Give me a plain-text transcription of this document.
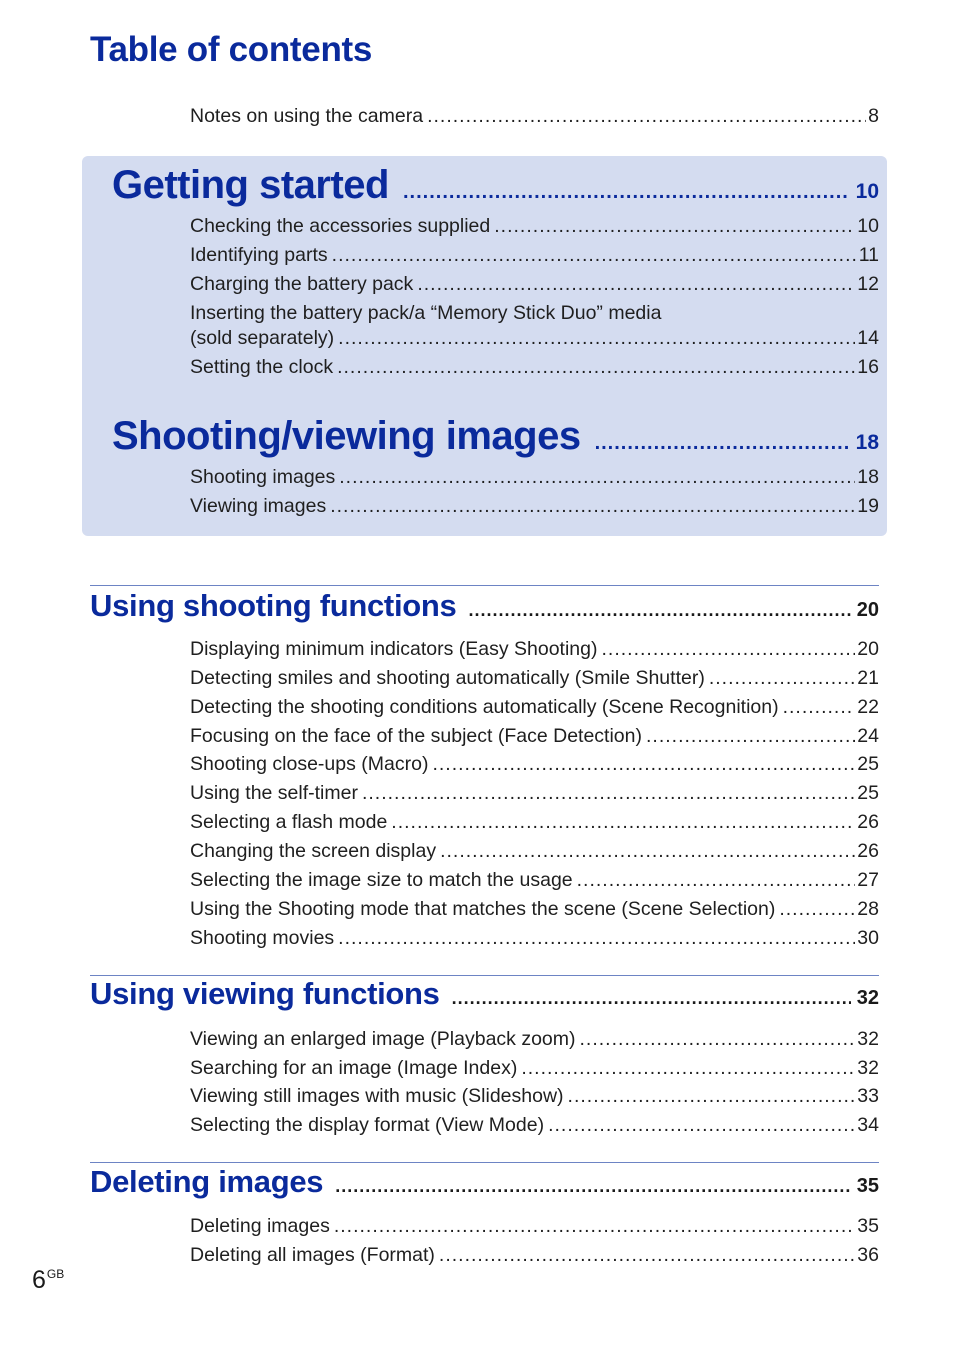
Table of contents
Notes on using the camera .....	8
Getting started .....	10
Checking the accessories supplied .....	10
Identifying parts .....	11
Charging the battery pack .....	12
Inserting the battery pack/a “Memory Stick Duo” media
(sold separately) .....	14
Setting the clock .....	16
Shooting/viewing images .....	18
Shooting images .....	18
Viewing images .....	19
Using shooting functions .....	20
Displaying minimum indicators (Easy Shooting) .....	20
Detecting smiles and shooting automatically (Smile Shutter) .....	21
Detecting the shooting conditions automatically (Scene Recognition) .....	22
Focusing on the face of the subject (Face Detection) .....	24
Shooting close-ups (Macro) .....	25
Using the self-timer .....	25
Selecting a flash mode .....	26
Changing the screen display .....	26
Selecting the image size to match the usage .....	27
Using the Shooting mode that matches the scene (Scene Selection) .....	28
Shooting movies .....	30
Using viewing functions .....	32
Viewing an enlarged image (Playback zoom) .....	32
Searching for an image (Image Index) .....	32
Viewing still images with music (Slideshow) .....	33
Selecting the display format (View Mode) .....	34
Deleting images .....	35
Deleting images .....	35
Deleting all images (Format) .....	36
$6^{GB}$
